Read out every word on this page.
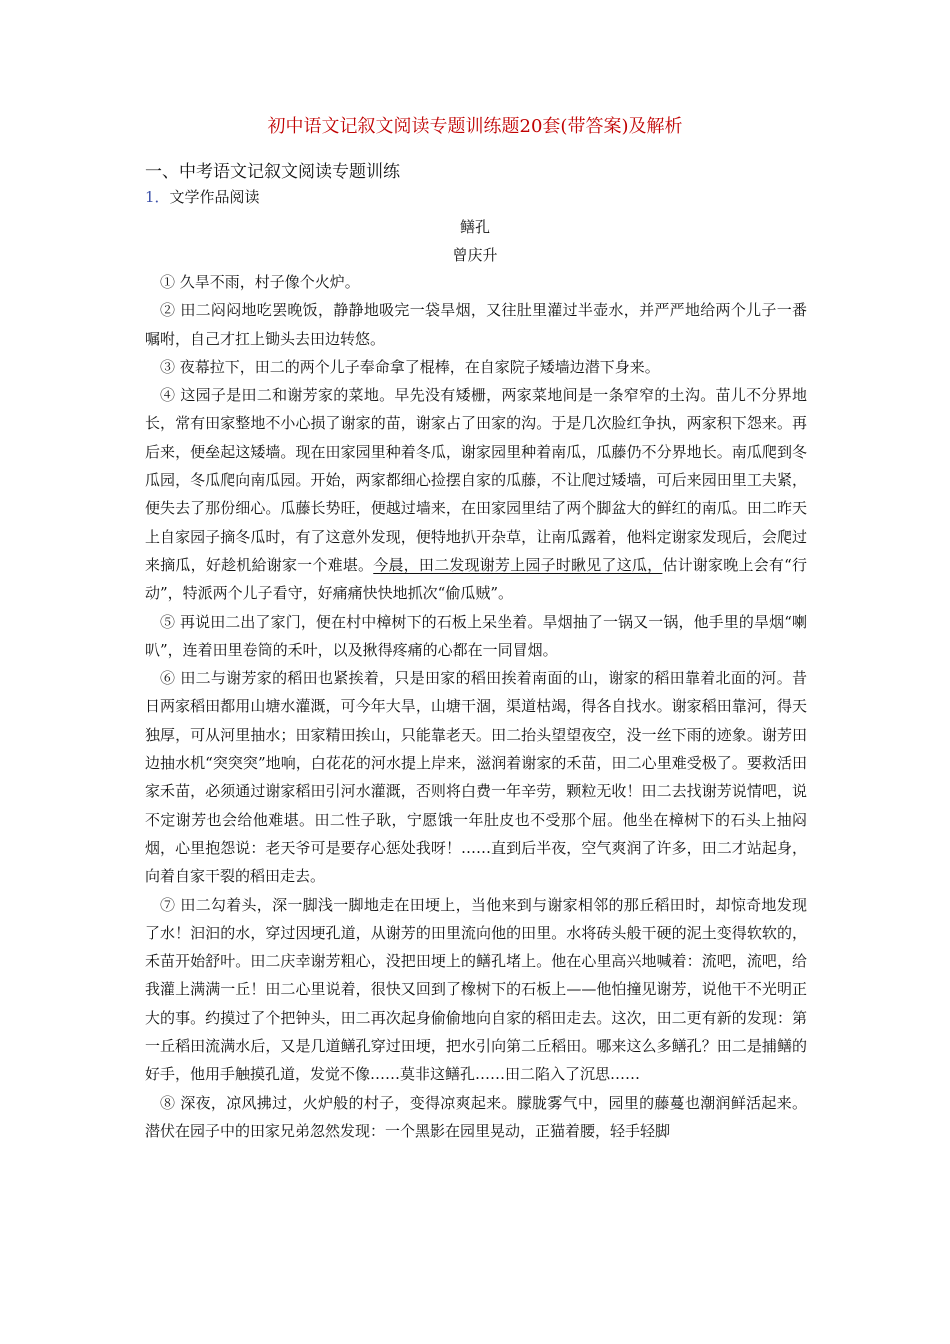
初中语文记叙文阅读专题训练题20套(带答案)及解析
一、中考语文记叙文阅读专题训练
1．文学作品阅读
鳝孔
曾庆升

① 久旱不雨，村子像个火炉。

② 田二闷闷地吃罢晚饭，静静地吸完一袋旱烟，又往肚里灌过半壶水，并严严地给两个儿子一番嘱咐，自己才扛上锄头去田边转悠。

③ 夜幕拉下，田二的两个儿子奉命拿了棍棒，在自家院子矮墙边潜下身来。

④ 这园子是田二和谢芳家的菜地。早先没有矮栅，两家菜地间是一条窄窄的土沟。苗儿不分界地长，常有田家整地不小心损了谢家的苗，谢家占了田家的沟。于是几次脸红争执，两家积下怨来。再后来，便垒起这矮墙。现在田家园里种着冬瓜，谢家园里种着南瓜，瓜藤仍不分界地长。南瓜爬到冬瓜园，冬瓜爬向南瓜园。开始，两家都细心捡摆自家的瓜藤，不让爬过矮墙，可后来园田里工夫紧，便失去了那份细心。瓜藤长势旺，便越过墙来，在田家园里结了两个脚盆大的鲜红的南瓜。田二昨天上自家园子摘冬瓜时，有了这意外发现，便特地扒开杂草，让南瓜露着，他料定谢家发现后，会爬过来摘瓜，好趁机給谢家一个难堪。今晨，田二发现谢芳上园子时瞅见了这瓜，估计谢家晚上会有“行动”，特派两个儿子看守，好痛痛快快地抓次“偷瓜贼”。

⑤ 再说田二出了家门，便在村中樟树下的石板上呆坐着。旱烟抽了一锅又一锅，他手里的旱烟“喇叭”，连着田里卷筒的禾叶，以及揪得疼痛的心都在一同冒烟。

⑥ 田二与谢芳家的稻田也紧挨着，只是田家的稻田挨着南面的山，谢家的稻田靠着北面的河。昔日两家稻田都用山塘水灌溉，可今年大旱，山塘干涸，渠道枯竭，得各自找水。谢家稻田靠河，得天独厚，可从河里抽水；田家精田挨山，只能靠老天。田二抬头望望夜空，没一丝下雨的迹象。谢芳田边抽水机“突突突”地响，白花花的河水提上岸来，滋润着谢家的禾苗，田二心里难受极了。要救活田家禾苗，必须通过谢家稻田引河水灌溉，否则将白费一年辛劳，颗粒无收！田二去找谢芳说情吧，说不定谢芳也会给他难堪。田二性子耿，宁愿饿一年肚皮也不受那个屈。他坐在樟树下的石头上抽闷烟，心里抱怨说：老天爷可是要存心惩处我呀！……直到后半夜，空气爽润了许多，田二才站起身，向着自家干裂的稻田走去。

⑦ 田二勾着头，深一脚浅一脚地走在田埂上，当他来到与谢家相邻的那丘稻田时，却惊奇地发现了水！汩汩的水，穿过因埂孔道，从谢芳的田里流向他的田里。水将砖头般干硬的泥土变得软软的，禾苗开始舒叶。田二庆幸谢芳粗心，没把田埂上的鳝孔堵上。他在心里高兴地喊着：流吧，流吧，给我灌上满满一丘！田二心里说着，很快又回到了橡树下的石板上——他怕撞见谢芳，说他干不光明正大的事。约摸过了个把钟头，田二再次起身偷偷地向自家的稻田走去。这次，田二更有新的发现：第一丘稻田流满水后，又是几道鳝孔穿过田埂，把水引向第二丘稻田。哪来这么多鳝孔？田二是捕鳝的好手，他用手触摸孔道，发觉不像……莫非这鳝孔……田二陷入了沉思……

⑧ 深夜，凉风拂过，火炉般的村子，变得凉爽起来。朦胧雾气中，园里的藤蔓也潮润鲜活起来。潜伏在园子中的田家兄弟忽然发现：一个黑影在园里晃动，正猫着腰，轻手轻脚
